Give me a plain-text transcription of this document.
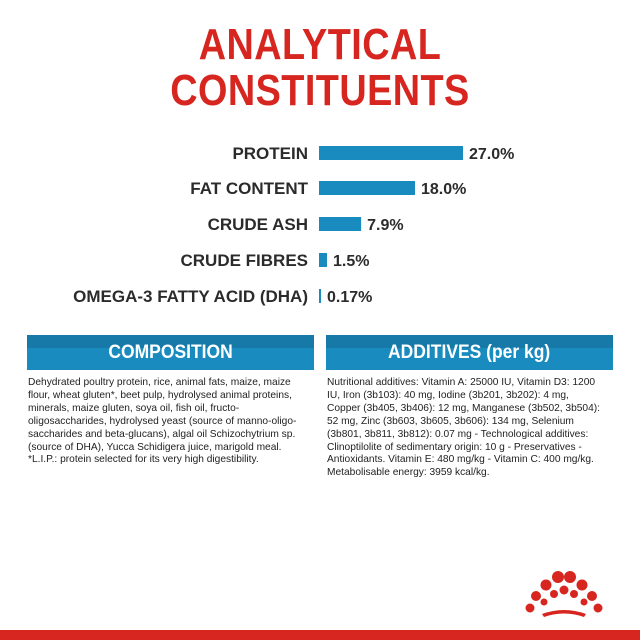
ANALYTICAL
CONSTITUENTS
PROTEIN	27.0%
FAT CONTENT	18.0%
CRUDE ASH	7.9%
CRUDE FIBRES 1.5%
OMEGA-3 FATTY ACID (DHA) 0.17%
COMPOSITION	ADDITIVES (per kg)
Dehydrated poultry protein, rice, animal fats, maize, maize flour, wheat gluten*, beet pulp, hydrolysed animal proteins, minerals, maize gluten, soya oil, fish oil, fructo-oligosaccharides, hydrolysed yeast (source of manno-oligo-saccharides and beta-glucans), algal oil Schizochytrium sp. (source of DHA), Yucca Schidigera juice, marigold meal. *L.I.P.: protein selected for its very high digestibility.
Nutritional additives: Vitamin A: 25000 IU, Vitamin D3: 1200 IU, Iron (3b103): 40 mg, Iodine (3b201, 3b202): 4 mg, Copper (3b405, 3b406): 12 mg, Manganese (3b502, 3b504): 52 mg, Zinc (3b603, 3b605, 3b606): 134 mg, Selenium (3b801, 3b811, 3b812): 0.07 mg - Technological additives: Clinoptilolite of sedimentary origin: 10 g - Preservatives - Antioxidants. Vitamin E: 480 mg/kg - Vitamin C: 400 mg/kg. Metabolisable energy: 3959 kcal/kg.
